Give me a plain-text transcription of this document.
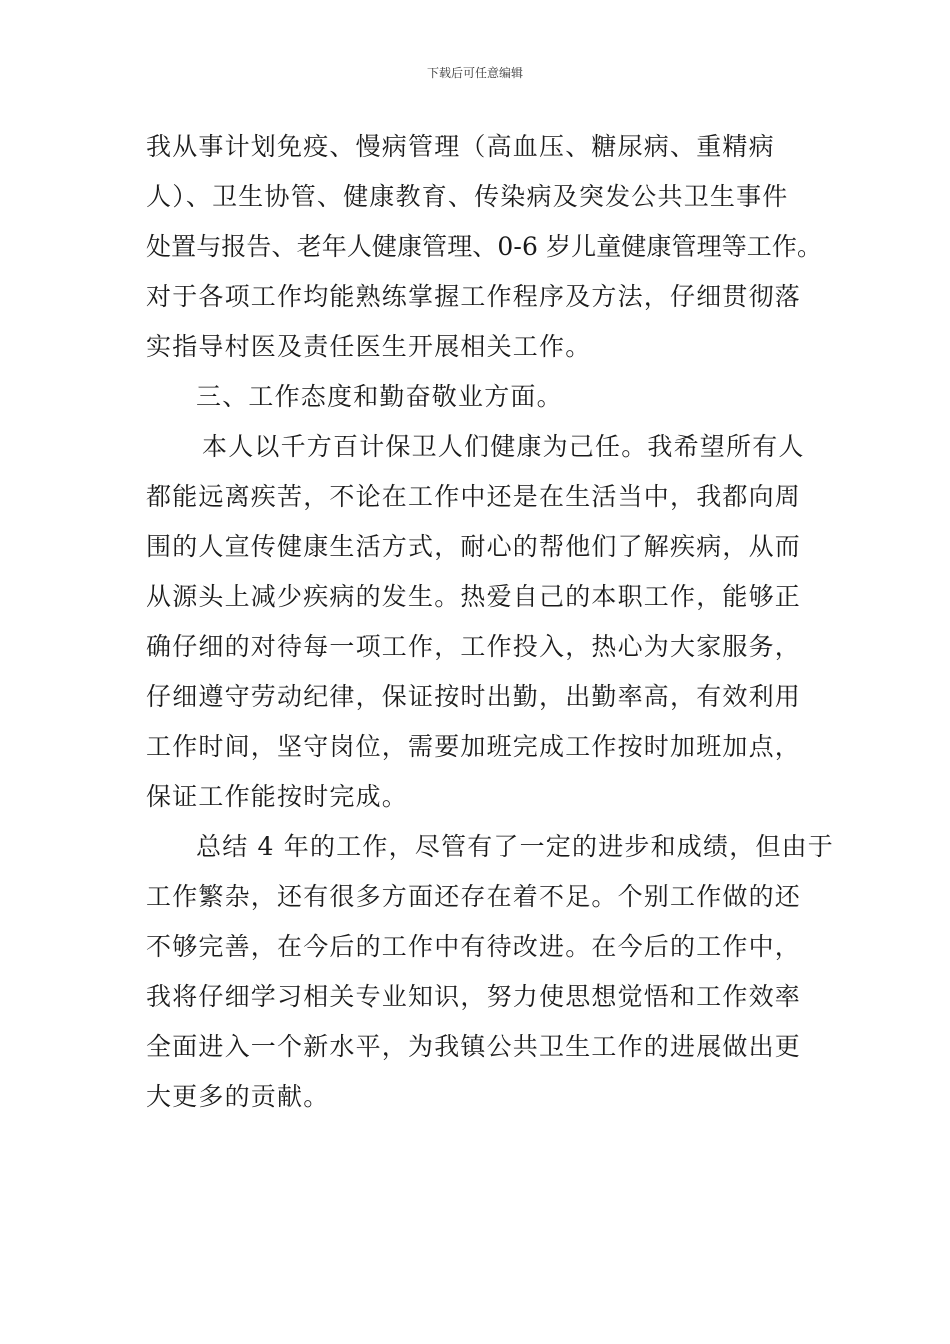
下载后可任意编辑
我从事计划免疫、慢病管理（高血压、糖尿病、重精病
人）、卫生协管、健康教育、传染病及突发公共卫生事件
处置与报告、老年人健康管理、0-6 岁儿童健康管理等工作。
对于各项工作均能熟练掌握工作程序及方法，仔细贯彻落
实指导村医及责任医生开展相关工作。
三、工作态度和勤奋敬业方面。
本人以千方百计保卫人们健康为己任。我希望所有人
都能远离疾苦，不论在工作中还是在生活当中，我都向周
围的人宣传健康生活方式，耐心的帮他们了解疾病，从而
从源头上减少疾病的发生。热爱自己的本职工作，能够正
确仔细的对待每一项工作，工作投入，热心为大家服务，
仔细遵守劳动纪律，保证按时出勤，出勤率高，有效利用
工作时间，坚守岗位，需要加班完成工作按时加班加点，
保证工作能按时完成。
总结 4 年的工作，尽管有了一定的进步和成绩，但由于
工作繁杂，还有很多方面还存在着不足。个别工作做的还
不够完善，在今后的工作中有待改进。在今后的工作中，
我将仔细学习相关专业知识，努力使思想觉悟和工作效率
全面进入一个新水平，为我镇公共卫生工作的进展做出更
大更多的贡献。
